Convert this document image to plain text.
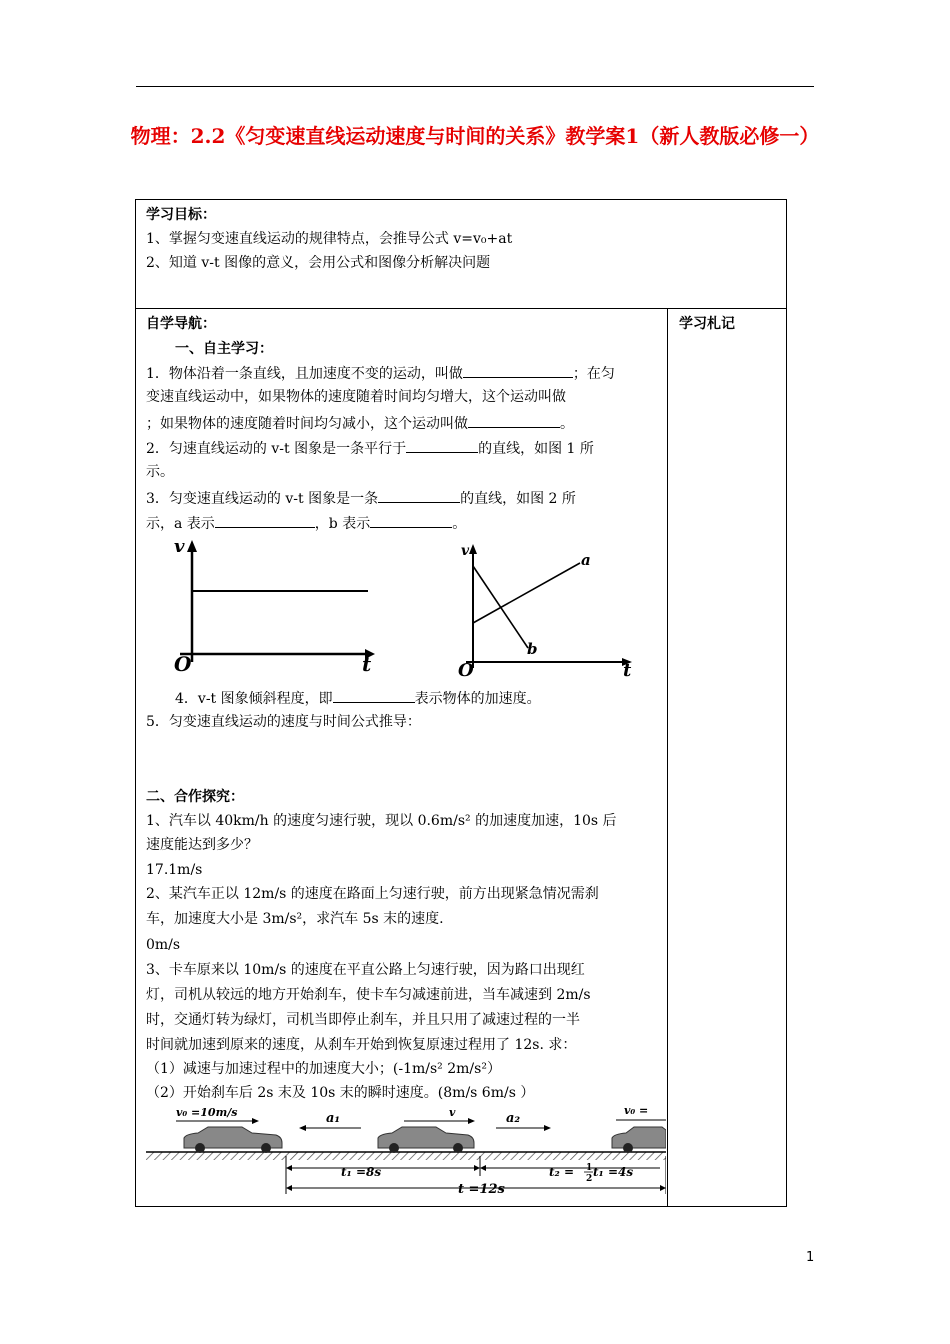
物理：2.2《匀变速直线运动速度与时间的关系》教学案1（新人教版必修一）
学习目标：
1、掌握匀变速直线运动的规律特点，会推导公式 v=v₀+at
2、知道 v-t 图像的意义，会用公式和图像分析解决问题
学习札记
自学导航：
一、自主学习：
1．物体沿着一条直线，且加速度不变的运动，叫做	；在匀
变速直线运动中，如果物体的速度随着时间均匀增大，这个运动叫做
；如果物体的速度随着时间均匀减小，这个运动叫做	。
2．匀速直线运动的 v-t 图象是一条平行于	的直线，如图 1 所
示。
3．匀变速直线运动的 v-t 图象是一条	的直线，如图 2 所
示，a 表示	，b 表示	。
v
O	t
v
O	t
a
b
4．v-t 图象倾斜程度，即	表示物体的加速度。
5．匀变速直线运动的速度与时间公式推导：
二、合作探究：
1、汽车以 40km/h 的速度匀速行驶，现以 0.6m/s² 的加速度加速，10s 后
速度能达到多少？
17.1m/s
2、某汽车正以 12m/s 的速度在路面上匀速行驶，前方出现紧急情况需刹
车，加速度大小是 3m/s²，求汽车 5s 末的速度.
0m/s
3、卡车原来以 10m/s 的速度在平直公路上匀速行驶，因为路口出现红
灯，司机从较远的地方开始刹车，使卡车匀减速前进，当车减速到 2m/s
时，交通灯转为绿灯，司机当即停止刹车，并且只用了减速过程的一半
时间就加速到原来的速度，从刹车开始到恢复原速过程用了 12s. 求：
（1）减速与加速过程中的加速度大小；(-1m/s² 2m/s²）
（2）开始刹车后 2s 末及 10s 末的瞬时速度。(8m/s 6m/s ）
v₀ =10m/s	a₁	v	a₂
v₀ =
t₁ =8s	t₂ = 1
2 t₁ =4s
t =12s
1
